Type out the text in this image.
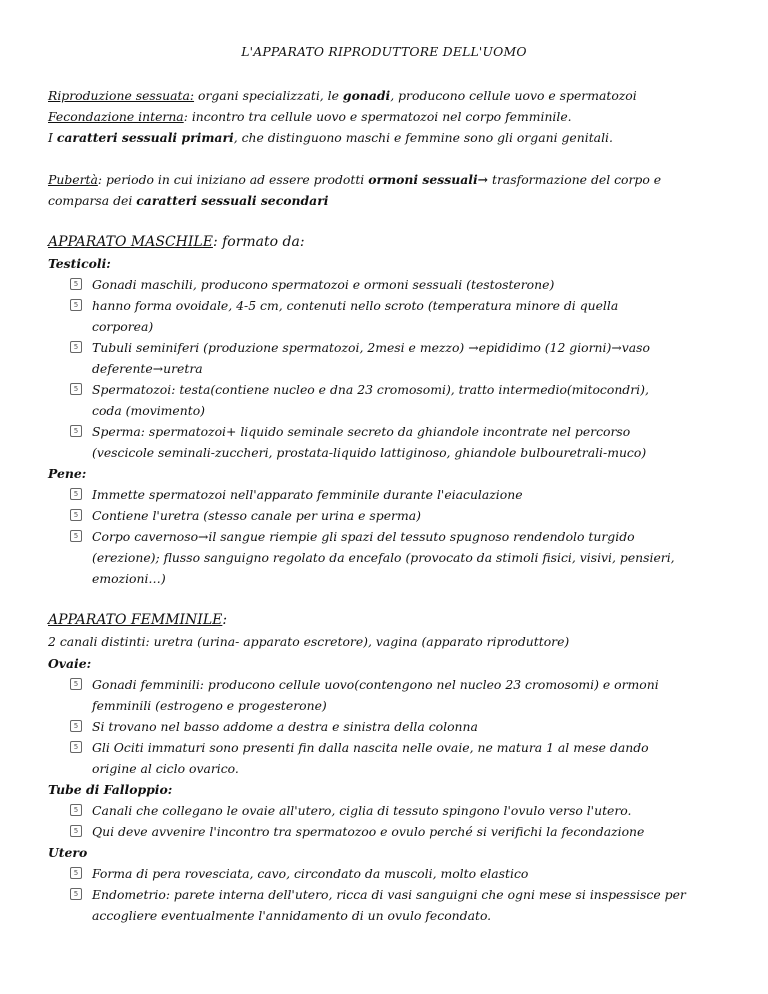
L'APPARATO RIPRODUTTORE DELL'UOMO
Riproduzione sessuata: organi specializzati, le gonadi, producono cellule uovo e spermatozoi
Fecondazione interna: incontro tra cellule uovo e spermatozoi nel corpo femminile.
I caratteri sessuali primari, che distinguono maschi e femmine sono gli organi genitali.
Pubertà: periodo in cui iniziano ad essere prodotti ormoni sessuali→ trasformazione del corpo e
comparsa dei caratteri sessuali secondari
APPARATO MASCHILE: formato da:
Testicoli:
5	Gonadi maschili, producono spermatozoi e ormoni sessuali (testosterone)
5	hanno forma ovoidale, 4-5 cm, contenuti nello scroto (temperatura minore di quella
corporea)
5	Tubuli seminiferi (produzione spermatozoi, 2mesi e mezzo) →epididimo (12 giorni)→vaso
deferente→uretra
5	Spermatozoi: testa(contiene nucleo e dna 23 cromosomi), tratto intermedio(mitocondri),
coda (movimento)
5	Sperma: spermatozoi+ liquido seminale secreto da ghiandole incontrate nel percorso
(vescicole seminali-zuccheri, prostata-liquido lattiginoso, ghiandole bulbouretrali-muco)
Pene:
5	Immette spermatozoi nell'apparato femminile durante l'eiaculazione
5	Contiene l'uretra (stesso canale per urina e sperma)
5	Corpo cavernoso→il sangue riempie gli spazi del tessuto spugnoso rendendolo turgido
(erezione); flusso sanguigno regolato da encefalo (provocato da stimoli fisici, visivi, pensieri,
emozioni…)
APPARATO FEMMINILE:
2 canali distinti: uretra (urina- apparato escretore), vagina (apparato riproduttore)
Ovaie:
5	Gonadi femminili: producono cellule uovo(contengono nel nucleo 23 cromosomi) e ormoni
femminili (estrogeno e progesterone)
5	Si trovano nel basso addome a destra e sinistra della colonna
5	Gli Ociti immaturi sono presenti fin dalla nascita nelle ovaie, ne matura 1 al mese dando
origine al ciclo ovarico.
Tube di Falloppio:
5	Canali che collegano le ovaie all'utero, ciglia di tessuto spingono l'ovulo verso l'utero.
5	Qui deve avvenire l'incontro tra spermatozoo e ovulo perché si verifichi la fecondazione
Utero
5	Forma di pera rovesciata, cavo, circondato da muscoli, molto elastico
5	Endometrio: parete interna dell'utero, ricca di vasi sanguigni che ogni mese si inspessisce per
accogliere eventualmente l'annidamento di un ovulo fecondato.
